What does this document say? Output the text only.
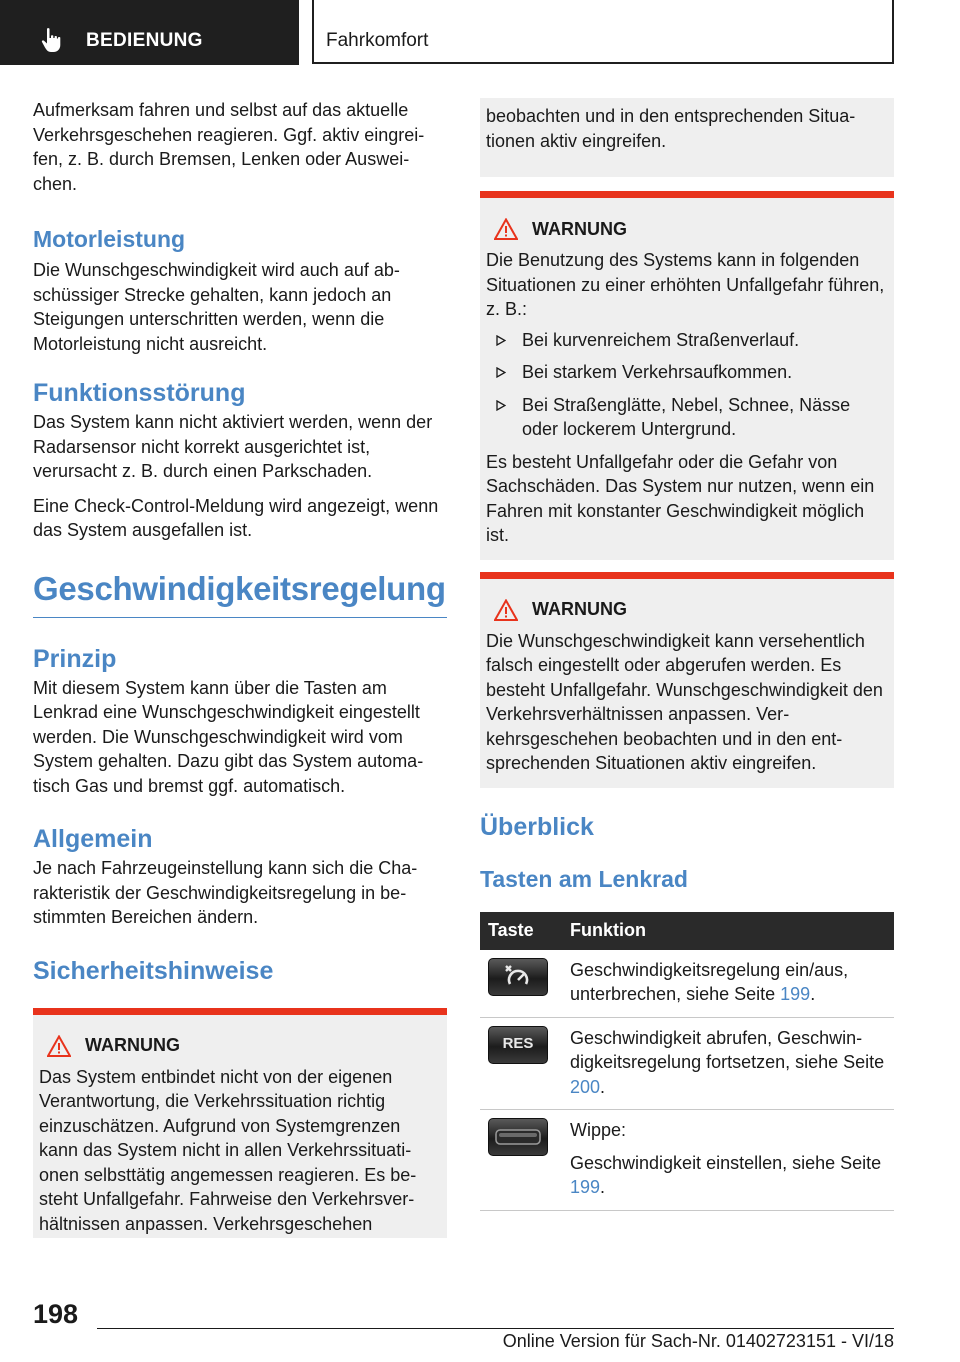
BEDIENUNG	Fahrkomfort

Aufmerksam fahren und selbst auf das aktuelle Verkehrsgeschehen reagieren. Ggf. aktiv eingreifen, z. B. durch Bremsen, Lenken oder Ausweichen.

Motorleistung

Die Wunschgeschwindigkeit wird auch auf abschüssiger Strecke gehalten, kann jedoch an Steigungen unterschritten werden, wenn die Motorleistung nicht ausreicht.

Funktionsstörung

Das System kann nicht aktiviert werden, wenn der Radarsensor nicht korrekt ausgerichtet ist, verursacht z. B. durch einen Parkschaden.

Eine Check-Control-Meldung wird angezeigt, wenn das System ausgefallen ist.

Geschwindigkeitsregelung
Prinzip

Mit diesem System kann über die Tasten am Lenkrad eine Wunschgeschwindigkeit eingestellt werden. Die Wunschgeschwindigkeit wird vom System gehalten. Dazu gibt das System automatisch Gas und bremst ggf. automatisch.

Allgemein

Je nach Fahrzeugeinstellung kann sich die Charakteristik der Geschwindigkeitsregelung in bestimmten Bereichen ändern.

Sicherheitshinweise
WARNUNG

Das System entbindet nicht von der eigenen Verantwortung, die Verkehrssituation richtig einzuschätzen. Aufgrund von Systemgrenzen kann das System nicht in allen Verkehrssituationen selbsttätig angemessen reagieren. Es besteht Unfallgefahr. Fahrweise den Verkehrsverhältnissen anpassen. Verkehrsgeschehen

beobachten und in den entsprechenden Situationen aktiv eingreifen.

WARNUNG

Die Benutzung des Systems kann in folgenden Situationen zu einer erhöhten Unfallgefahr führen, z. B.:

Bei kurvenreichem Straßenverlauf.
Bei starkem Verkehrsaufkommen.
Bei Straßenglätte, Nebel, Schnee, Nässe oder lockerem Untergrund.

Es besteht Unfallgefahr oder die Gefahr von Sachschäden. Das System nur nutzen, wenn ein Fahren mit konstanter Geschwindigkeit möglich ist.

WARNUNG

Die Wunschgeschwindigkeit kann versehentlich falsch eingestellt oder abgerufen werden. Es besteht Unfallgefahr. Wunschgeschwindigkeit den Verkehrsverhältnissen anpassen. Verkehrsgeschehen beobachten und in den entsprechenden Situationen aktiv eingreifen.

Überblick
Tasten am Lenkrad
Taste	Funktion

	Geschwindigkeitsregelung ein/aus, unterbrechen, siehe Seite 199.

RES	Geschwindigkeit abrufen, Geschwindigkeitsregelung fortsetzen, siehe Seite 200.

Wippe:

Geschwindigkeit einstellen, siehe Seite 199.

198
Online Version für Sach-Nr. 01402723151 - VI/18
